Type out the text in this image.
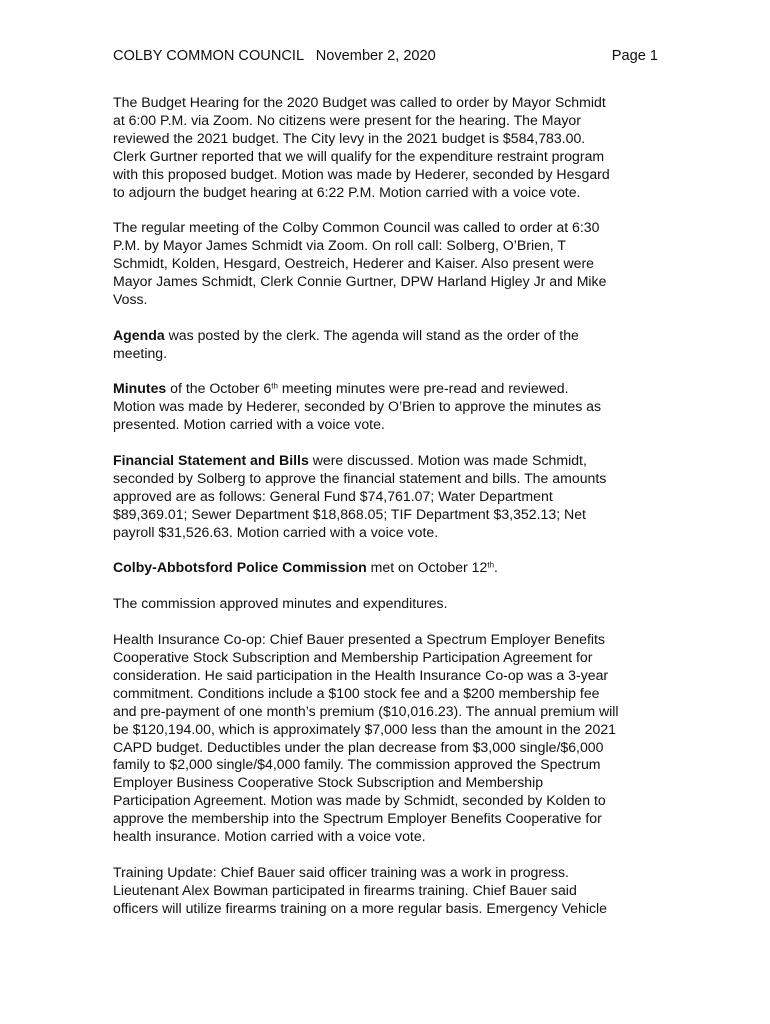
COLBY COMMON COUNCIL   November 2, 2020	Page 1

The Budget Hearing for the 2020 Budget was called to order by Mayor Schmidt
at 6:00 P.M. via Zoom. No citizens were present for the hearing. The Mayor
reviewed the 2021 budget. The City levy in the 2021 budget is $584,783.00.
Clerk Gurtner reported that we will qualify for the expenditure restraint program
with this proposed budget. Motion was made by Hederer, seconded by Hesgard
to adjourn the budget hearing at 6:22 P.M. Motion carried with a voice vote.

The regular meeting of the Colby Common Council was called to order at 6:30
P.M. by Mayor James Schmidt via Zoom. On roll call: Solberg, O’Brien, T
Schmidt, Kolden, Hesgard, Oestreich, Hederer and Kaiser. Also present were
Mayor James Schmidt, Clerk Connie Gurtner, DPW Harland Higley Jr and Mike
Voss.

Agenda was posted by the clerk. The agenda will stand as the order of the
meeting.

Minutes of the October 6th meeting minutes were pre-read and reviewed.
Motion was made by Hederer, seconded by O’Brien to approve the minutes as
presented. Motion carried with a voice vote.

Financial Statement and Bills were discussed. Motion was made Schmidt,
seconded by Solberg to approve the financial statement and bills. The amounts
approved are as follows: General Fund $74,761.07; Water Department
$89,369.01; Sewer Department $18,868.05; TIF Department $3,352.13; Net
payroll $31,526.63. Motion carried with a voice vote.

Colby-Abbotsford Police Commission met on October 12th.

The commission approved minutes and expenditures.

Health Insurance Co-op: Chief Bauer presented a Spectrum Employer Benefits
Cooperative Stock Subscription and Membership Participation Agreement for
consideration. He said participation in the Health Insurance Co-op was a 3-year
commitment. Conditions include a $100 stock fee and a $200 membership fee
and pre-payment of one month’s premium ($10,016.23). The annual premium will
be $120,194.00, which is approximately $7,000 less than the amount in the 2021
CAPD budget. Deductibles under the plan decrease from $3,000 single/$6,000
family to $2,000 single/$4,000 family. The commission approved the Spectrum
Employer Business Cooperative Stock Subscription and Membership
Participation Agreement. Motion was made by Schmidt, seconded by Kolden to
approve the membership into the Spectrum Employer Benefits Cooperative for
health insurance. Motion carried with a voice vote.

Training Update: Chief Bauer said officer training was a work in progress.
Lieutenant Alex Bowman participated in firearms training. Chief Bauer said
officers will utilize firearms training on a more regular basis. Emergency Vehicle
